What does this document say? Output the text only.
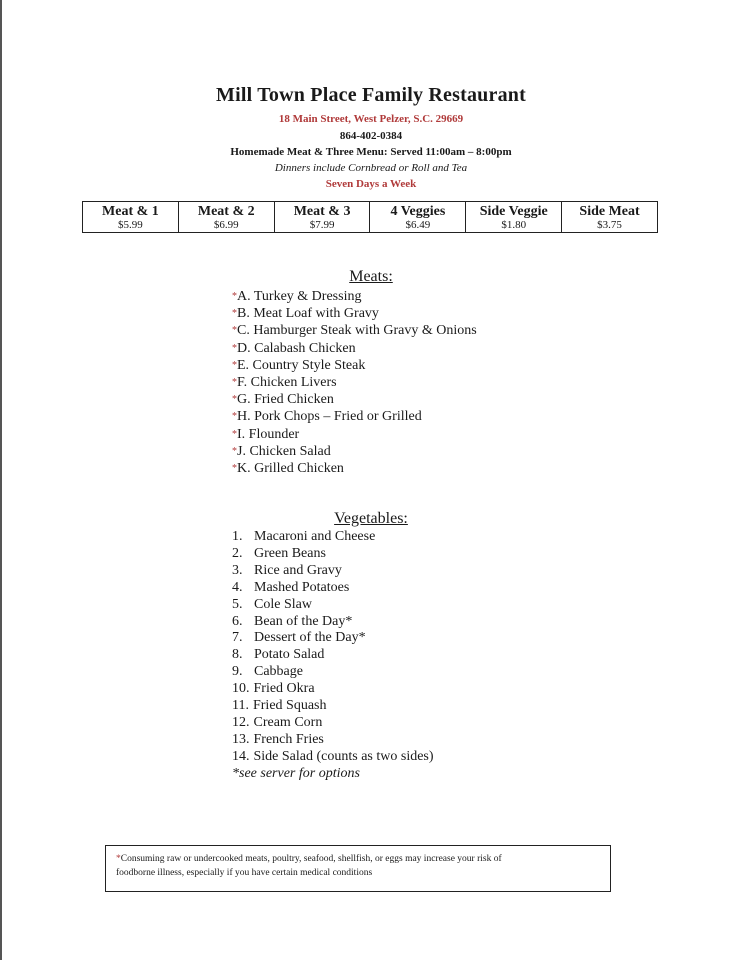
Mill Town Place Family Restaurant
18 Main Street, West Pelzer, S.C. 29669
864-402-0384
Homemade Meat & Three Menu: Served 11:00am – 8:00pm
Dinners include Cornbread or Roll and Tea
Seven Days a Week
Meat & 1
$5.99
Meat & 2
$6.99
Meat & 3
$7.99
4 Veggies
$6.49
Side Veggie
$1.80
Side Meat
$3.75
Meats:
*A. Turkey & Dressing
*B. Meat Loaf with Gravy
*C. Hamburger Steak with Gravy & Onions
*D. Calabash Chicken
*E. Country Style Steak
*F. Chicken Livers
*G. Fried Chicken
*H. Pork Chops – Fried or Grilled
*I. Flounder
*J. Chicken Salad
*K. Grilled Chicken
Vegetables:
1. Macaroni and Cheese
2. Green Beans
3. Rice and Gravy
4. Mashed Potatoes
5. Cole Slaw
6. Bean of the Day*
7. Dessert of the Day*
8. Potato Salad
9. Cabbage
10. Fried Okra
11. Fried Squash
12. Cream Corn
13. French Fries
14. Side Salad (counts as two sides)
*see server for options
*Consuming raw or undercooked meats, poultry, seafood, shellfish, or eggs may increase your risk of
foodborne illness, especially if you have certain medical conditions
